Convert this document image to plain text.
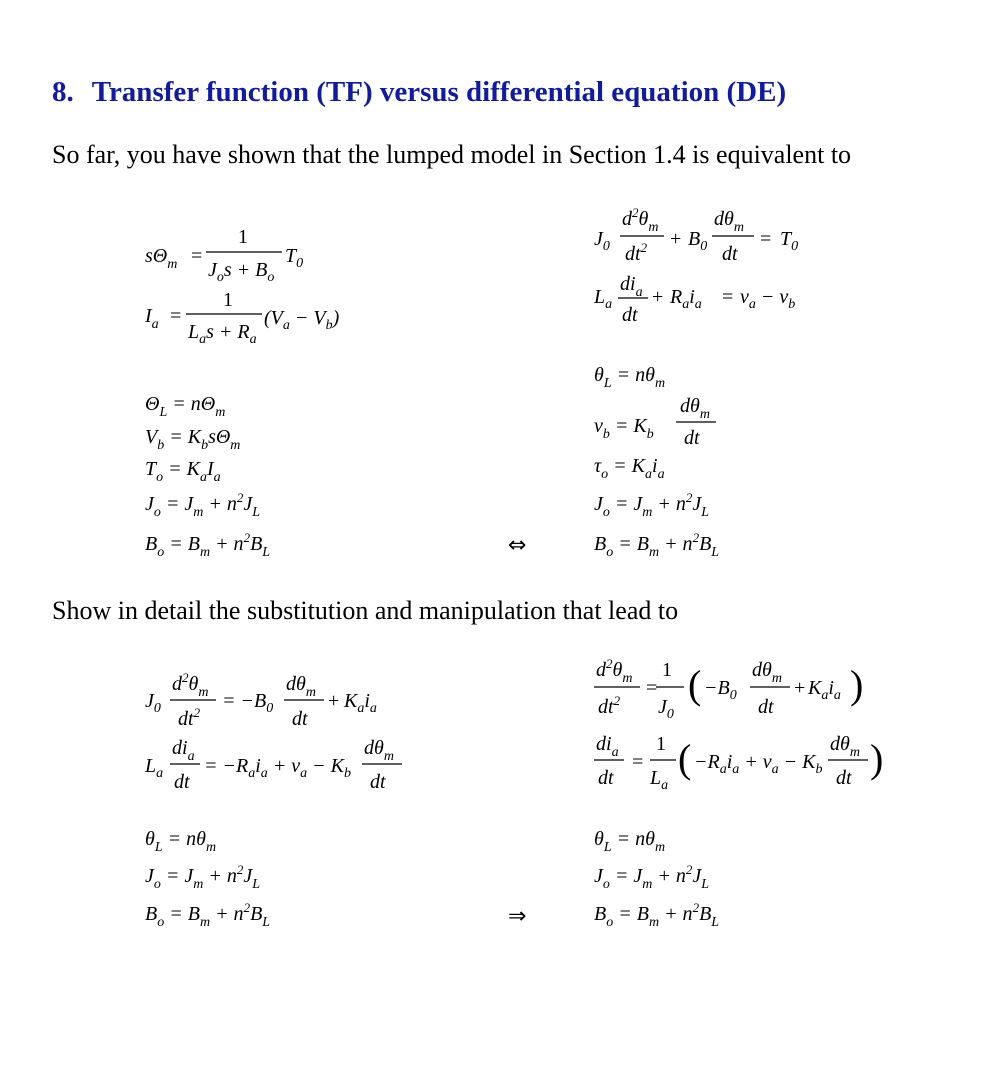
8. Transfer function (TF) versus differential equation (DE)

So far, you have shown that the lumped model in Section 1.4 is equivalent to

Show in detail the substitution and manipulation that lead to

$s\Theta_m$ =
1
$J_os + B_o$
$T_0$
$I_a$ =
1
$L_as + R_a$
$(V_a - V_b)$
$J_0$
$d^2\theta_m$
$dt^2 + B_0$
$d\theta_m$
dt
= $T_0$
$L_a$
$di_a$
dt
+ $R_ai_a = v_a - v_b$
$\Theta_L = n\Theta_m$
$V_b = K_bs\Theta_m$
$T_o = K_aI_a$
$J_o = J_m + n^2J_L$
$B_o = B_m + n^2B_L$	⇔
$\theta_L = n\theta_m$
$v_b = K_b$
$d\theta_m$
dt
$\tau_o = K_ai_a$
$J_o = J_m + n^2J_L$
$B_o = B_m + n^2B_L$
$J_0$
$d^2\theta_m$
$dt^2$
= $-B_0$
$d\theta_m$
dt
+ $K_ai_a$
$L_a$
$di_a$
dt
= $-R_ai_a + v_a - K_b$
$d\theta_m$
dt
$\theta_L = n\theta_m$
$J_o = J_m + n^2J_L$
$B_o = B_m + n^2B_L$	⇒
$d^2\theta_m$
$dt^2$
=
1
$J_0$
( $-B_0$
$d\theta_m$
dt
+ $K_ai_a$ )
$di_a$
dt
=
1
$L_a$
( $-R_ai_a + v_a - K_b$
$d\theta_m$
dt )
$\theta_L = n\theta_m$
$J_o = J_m + n^2J_L$
$B_o = B_m + n^2B_L$
